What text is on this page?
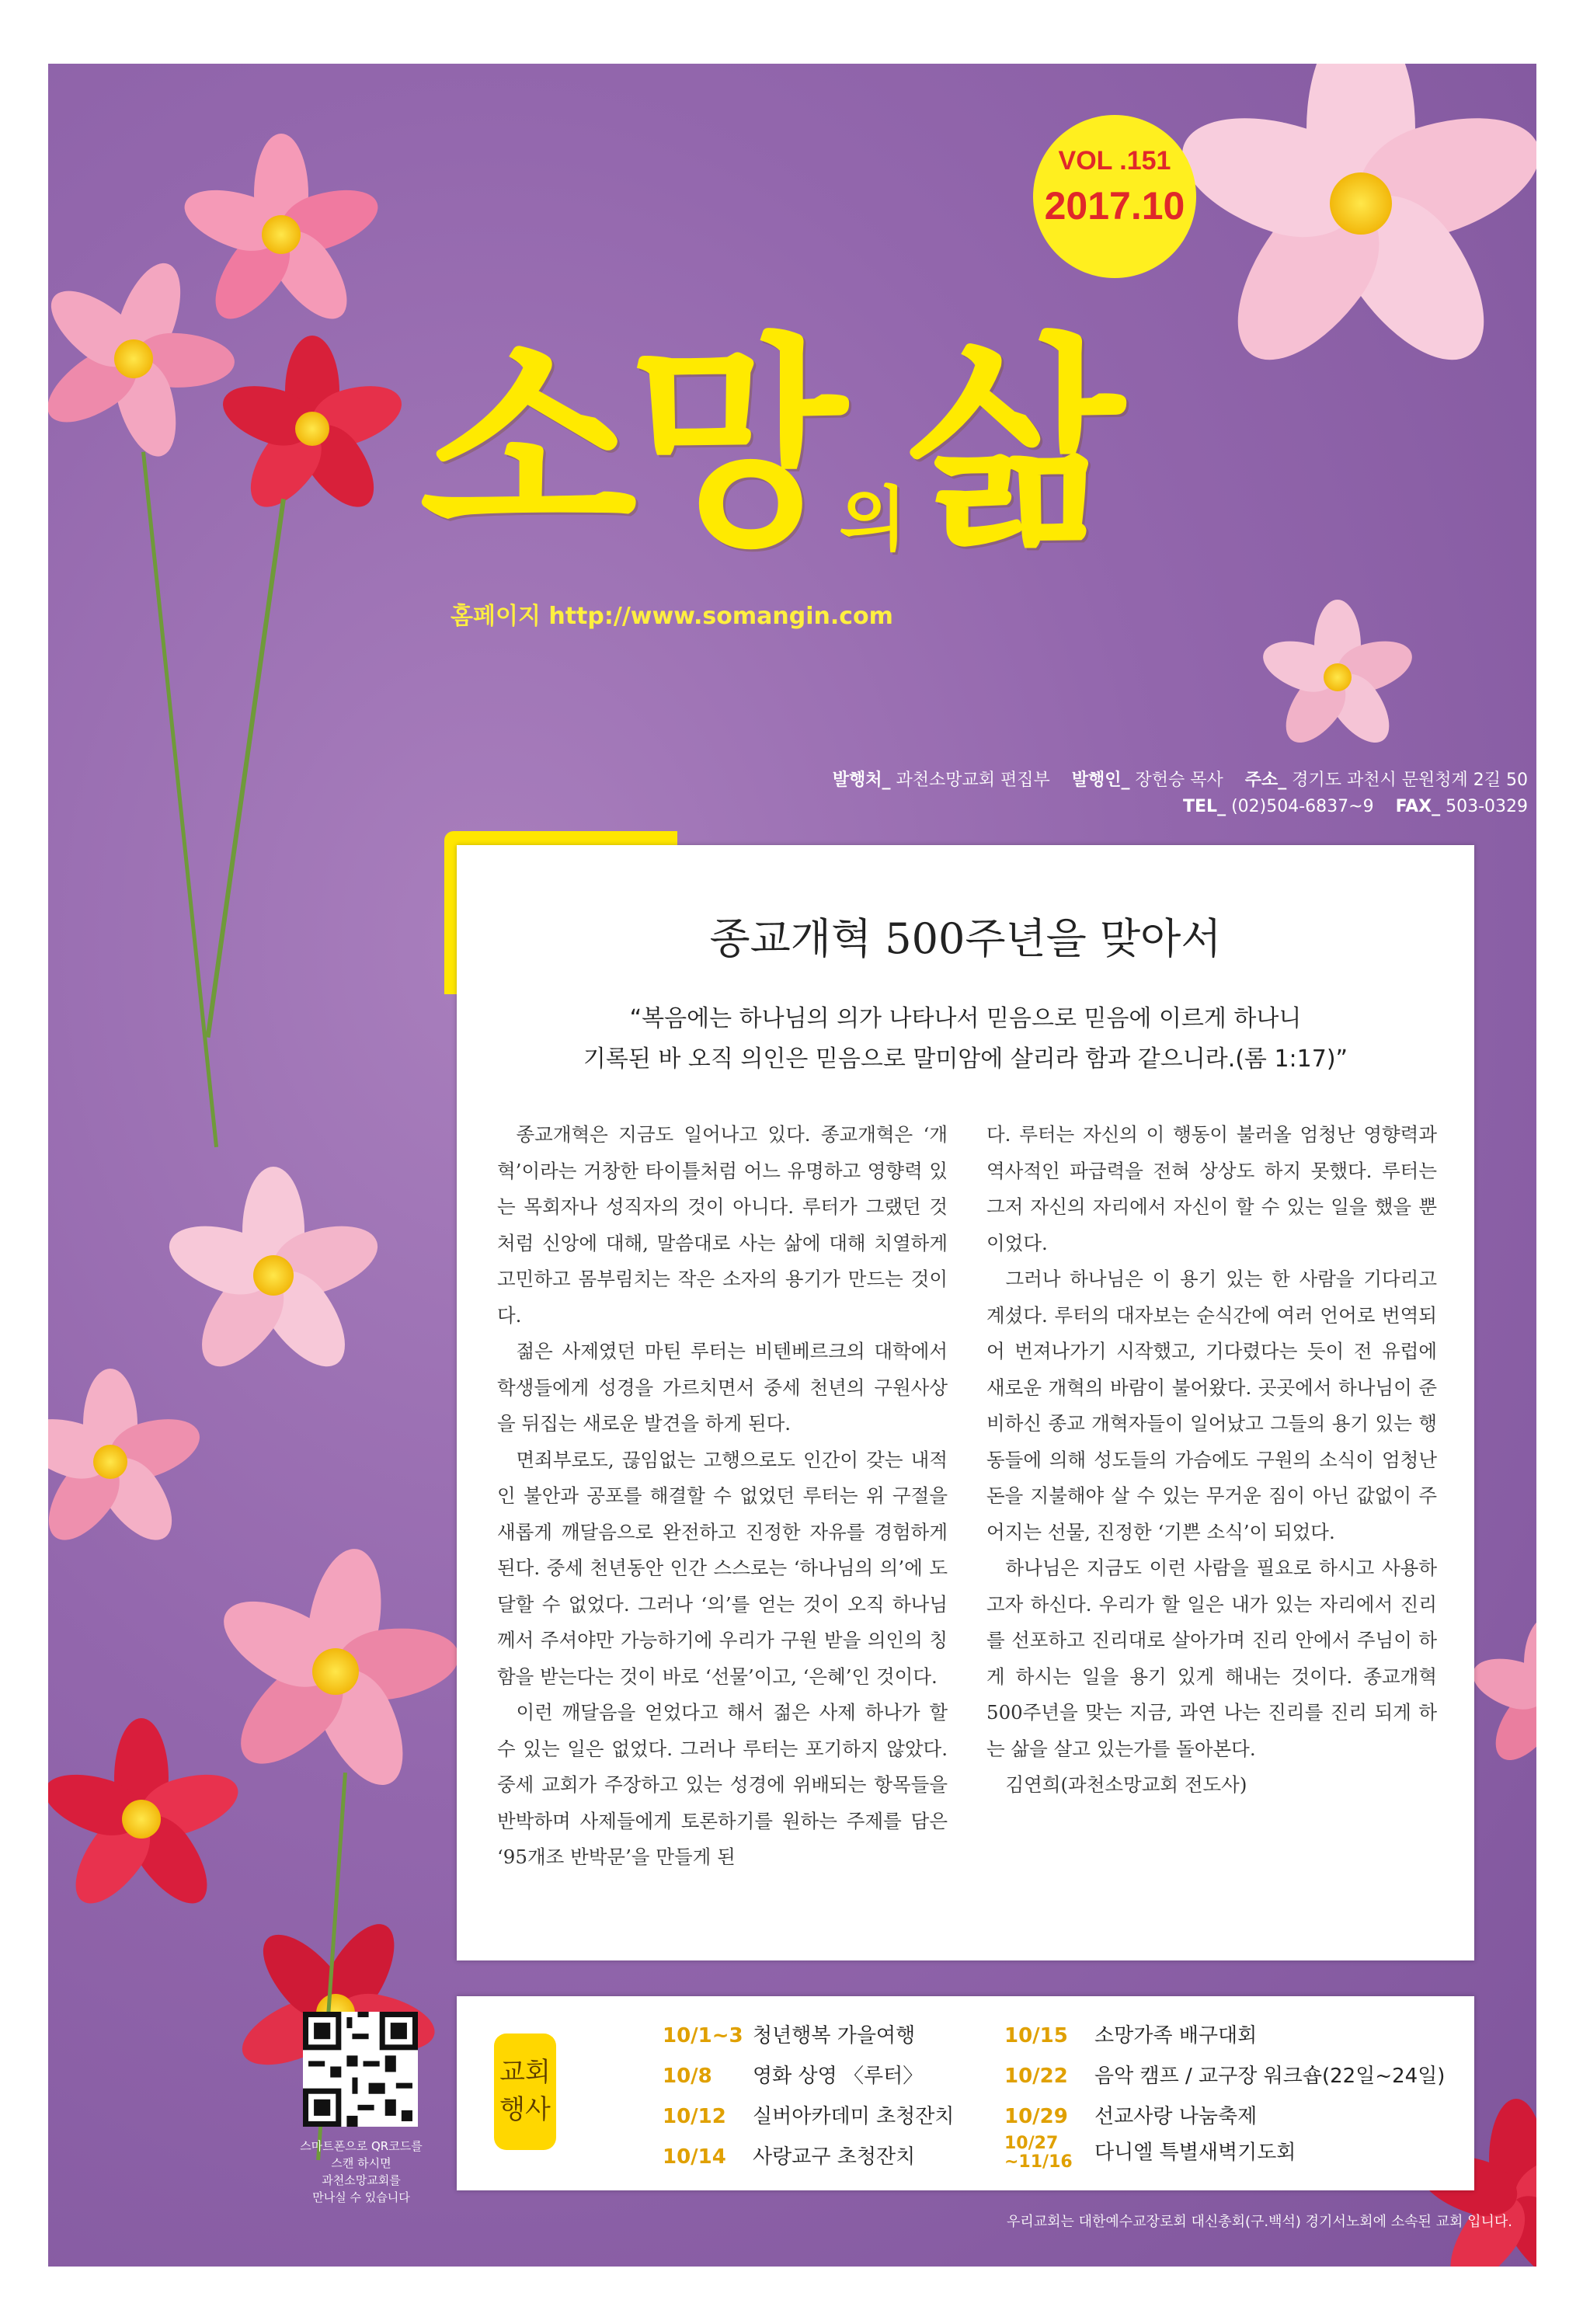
VOL .151
2017.10
소망의삶
홈페이지 http://www.somangin.com
발행처_ 과천소망교회 편집부 발행인_ 장헌승 목사 주소_ 경기도 과천시 문원청계 2길 50
TEL_ (02)504-6837~9 FAX_ 503-0329
종교개혁 500주년을 맞아서
“복음에는 하나님의 의가 나타나서 믿음으로 믿음에 이르게 하나니
기록된 바 오직 의인은 믿음으로 말미암에 살리라 함과 같으니라.(롬 1:17)”

종교개혁은 지금도 일어나고 있다. 종교개혁은 ‘개혁’이라는 거창한 타이틀처럼 어느 유명하고 영향력 있는 목회자나 성직자의 것이 아니다. 루터가 그랬던 것처럼 신앙에 대해, 말씀대로 사는 삶에 대해 치열하게 고민하고 몸부림치는 작은 소자의 용기가 만드는 것이다.

젊은 사제였던 마틴 루터는 비텐베르크의 대학에서 학생들에게 성경을 가르치면서 중세 천년의 구원사상을 뒤집는 새로운 발견을 하게 된다.

면죄부로도, 끊임없는 고행으로도 인간이 갖는 내적인 불안과 공포를 해결할 수 없었던 루터는 위 구절을 새롭게 깨달음으로 완전하고 진정한 자유를 경험하게 된다. 중세 천년동안 인간 스스로는 ‘하나님의 의’에 도달할 수 없었다. 그러나 ‘의’를 얻는 것이 오직 하나님께서 주셔야만 가능하기에 우리가 구원 받을 의인의 칭함을 받는다는 것이 바로 ‘선물’이고, ‘은혜’인 것이다.

이런 깨달음을 얻었다고 해서 젊은 사제 하나가 할 수 있는 일은 없었다. 그러나 루터는 포기하지 않았다. 중세 교회가 주장하고 있는 성경에 위배되는 항목들을 반박하며 사제들에게 토론하기를 원하는 주제를 담은 ‘95개조 반박문’을 만들게 된

다. 루터는 자신의 이 행동이 불러올 엄청난 영향력과 역사적인 파급력을 전혀 상상도 하지 못했다. 루터는 그저 자신의 자리에서 자신이 할 수 있는 일을 했을 뿐이었다.

그러나 하나님은 이 용기 있는 한 사람을 기다리고 계셨다. 루터의 대자보는 순식간에 여러 언어로 번역되어 번져나가기 시작했고, 기다렸다는 듯이 전 유럽에 새로운 개혁의 바람이 불어왔다. 곳곳에서 하나님이 준비하신 종교 개혁자들이 일어났고 그들의 용기 있는 행동들에 의해 성도들의 가슴에도 구원의 소식이 엄청난 돈을 지불해야 살 수 있는 무거운 짐이 아닌 값없이 주어지는 선물, 진정한 ‘기쁜 소식’이 되었다.

하나님은 지금도 이런 사람을 필요로 하시고 사용하고자 하신다. 우리가 할 일은 내가 있는 자리에서 진리를 선포하고 진리대로 살아가며 진리 안에서 주님이 하게 하시는 일을 용기 있게 해내는 것이다. 종교개혁 500주년을 맞는 지금, 과연 나는 진리를 진리 되게 하는 삶을 살고 있는가를 돌아본다.

김연희(과천소망교회 전도사)

스마트폰으로 QR코드를
스캔 하시면
과천소망교회를
만나실 수 있습니다
교회
행사
10/1~3 청년행복 가을여행
10/8 영화 상영 〈루터〉
10/12 실버아카데미 초청잔치
10/14 사랑교구 초청잔치
10/15 소망가족 배구대회
10/22 음악 캠프 / 교구장 워크숍(22일~24일)
10/29 선교사랑 나눔축제
10/27
~11/16 다니엘 특별새벽기도회
우리교회는 대한예수교장로회 대신총회(구.백석) 경기서노회에 소속된 교회 입니다.
